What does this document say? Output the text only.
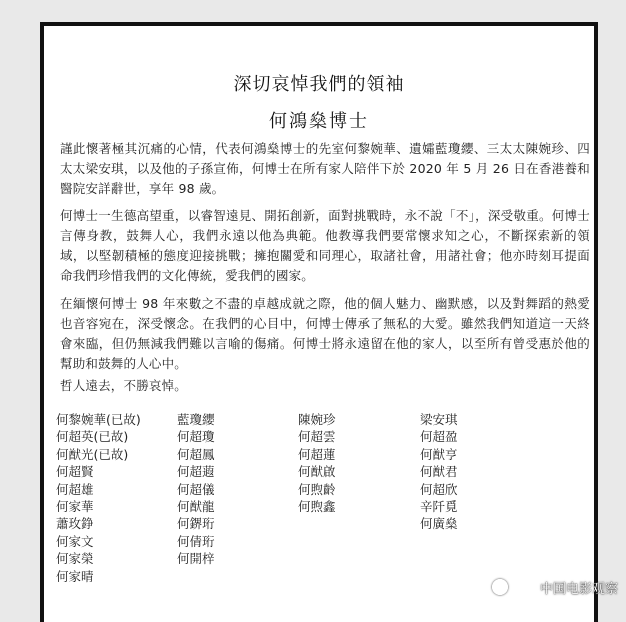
深切哀悼我們的領袖
何鴻燊博士
謹此懷著極其沉痛的心情，代表何鴻燊博士的先室何黎婉華、遺孀藍瓊纓、三太太陳婉珍、四太太梁安琪，以及他的子孫宣佈，何博士在所有家人陪伴下於 2020 年 5 月 26 日在香港養和醫院安詳辭世，享年 98 歲。
何博士一生德高望重，以睿智遠見、開拓創新，面對挑戰時，永不說「不」，深受敬重。何博士言傳身教，鼓舞人心，我們永遠以他為典範。他教導我們要常懷求知之心，不斷探索新的領域，以堅韌積極的態度迎接挑戰；擁抱關愛和同理心，取諸社會，用諸社會；他亦時刻耳提面命我們珍惜我們的文化傳統，愛我們的國家。
在緬懷何博士 98 年來數之不盡的卓越成就之際，他的個人魅力、幽默感，以及對舞蹈的熱愛也音容宛在，深受懷念。在我們的心目中，何博士傳承了無私的大愛。雖然我們知道這一天終會來臨，但仍無減我們難以言喻的傷痛。何博士將永遠留在他的家人，以至所有曾受惠於他的幫助和鼓舞的人心中。
哲人遠去，不勝哀悼。
何黎婉華(已故)
何超英(已故)
何猷光(已故)
何超賢
何超雄
何家華
蕭玫錚
何家文
何家榮
何家晴
藍瓊纓
何超瓊
何超鳳
何超蕸
何超儀
何猷龍
何鎅珩
何倩珩
何開梓
陳婉珍
何超雲
何超蓮
何猷啟
何煦齡
何煦鑫
梁安琪
何超盈
何猷亨
何猷君
何超欣
辛阡覓
何廣燊
中国电影观察
